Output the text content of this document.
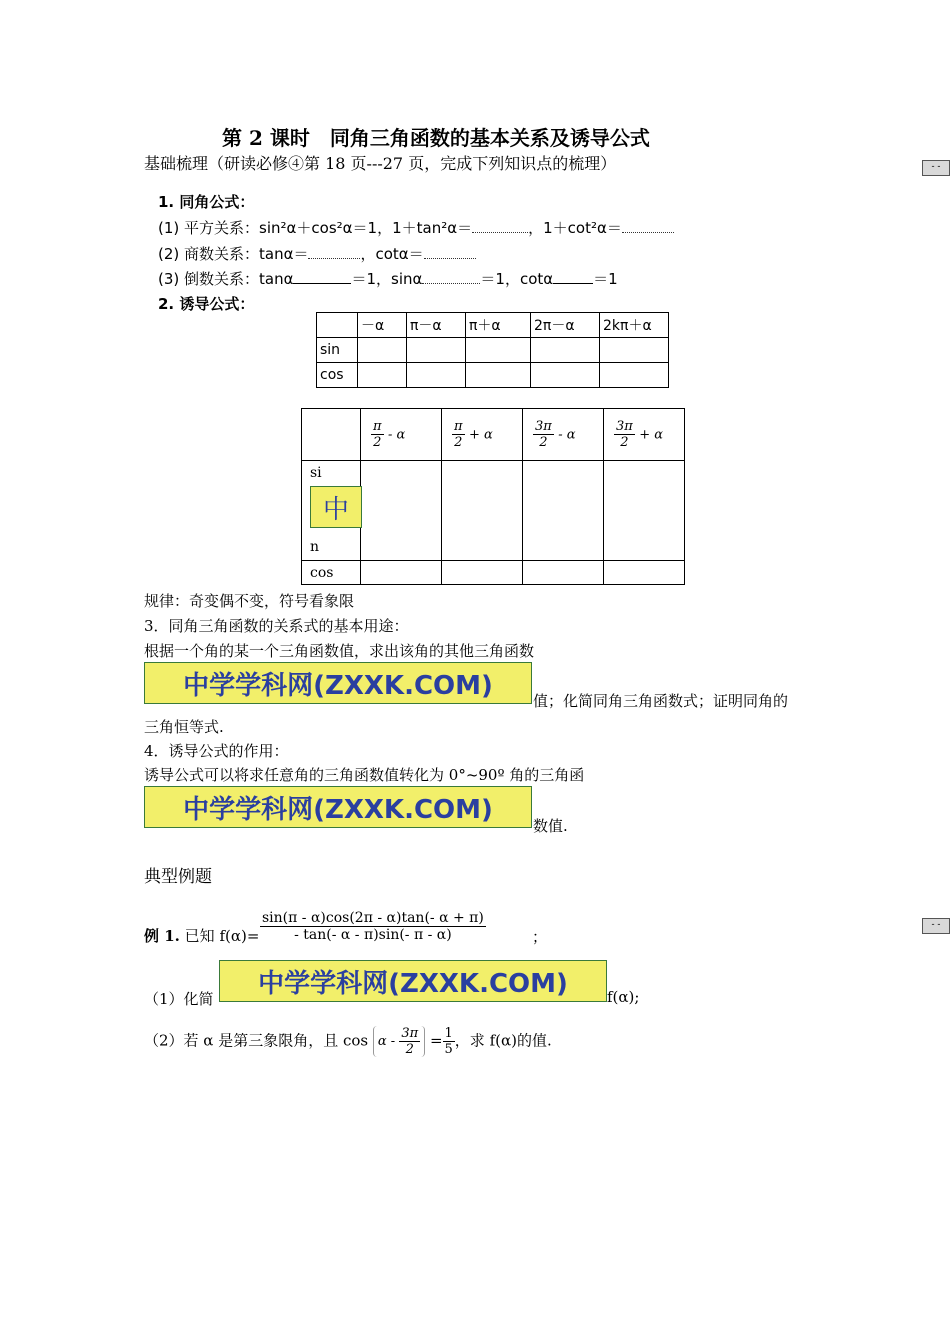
第 2 课时　同角三角函数的基本关系及诱导公式
基础梳理（研读必修④第 18 页---27 页，完成下列知识点的梳理）
1. 同角公式：
(1) 平方关系：sin²α＋cos²α＝1，1＋tan²α＝	，1＋cot²α＝
(2) 商数关系：tanα＝	，cotα＝
(3) 倒数关系：tanα	＝1，sinα	＝1，cotα	＝1
2. 诱导公式：
	－α	π－α	π＋α	2π－α	2kπ＋α
sin					
cos					

	$\frac{\pi}{2}$ - α	$\frac{\pi}{2} + \alpha$	$\frac{3\pi}{2}$ - α	$\frac{3\pi}{2} + \alpha$

si
n				

cos				
中
规律：奇变偶不变，符号看象限
3．同角三角函数的关系式的基本用途：
根据一个角的某一个三角函数值，求出该角的其他三角函数
中学学科网(ZXXK.COM)
值；化简同角三角函数式；证明同角的
三角恒等式.
4．诱导公式的作用：
诱导公式可以将求任意角的三角函数值转化为 0°~90º 角的三角函
中学学科网(ZXXK.COM)
数值.
典型例题
例 1. 已知 f(α)=
sin(π - α)cos(2π - α)tan(- α + π)
- tan(- α - π)sin(- π - α)	；
（1）化简
中学学科网(ZXXK.COM)	f(α);
（2）若 α 是第三象限角，且 $\cos \alpha - \frac{3\pi}{2} = \frac{1}{5}$ ，求 f(α)的值.
- -
- -
